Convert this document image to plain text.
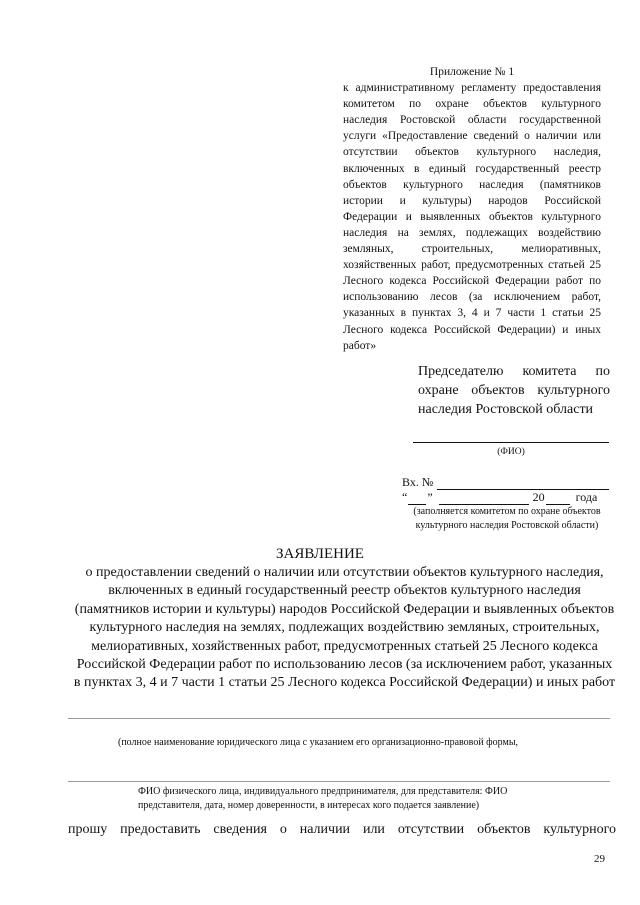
Приложение № 1
к административному регламенту предоставления комитетом по охране объектов культурного наследия Ростовской области государственной услуги «Предоставление сведений о наличии или отсутствии объектов культурного наследия, включенных в единый государственный реестр объектов культурного наследия (памятников истории и культуры) народов Российской Федерации и выявленных объектов культурного наследия на землях, подлежащих воздействию земляных, строительных, мелиоративных, хозяйственных работ, предусмотренных статьей 25 Лесного кодекса Российской Федерации работ по использованию лесов (за исключением работ, указанных в пунктах 3, 4 и 7 части 1 статьи 25 Лесного кодекса Российской Федерации) и иных работ»
Председателю комитета по охране объектов культурного наследия Ростовской области
(ФИО)
Вх. №
“ ”	20	года
(заполняется комитетом по охране объектов культурного наследия Ростовской области)
ЗАЯВЛЕНИЕ
о предоставлении сведений о наличии или отсутствии объектов культурного наследия, включенных в единый государственный реестр объектов культурного наследия (памятников истории и культуры) народов Российской Федерации и выявленных объектов культурного наследия на землях, подлежащих воздействию земляных, строительных, мелиоративных, хозяйственных работ, предусмотренных статьей 25 Лесного кодекса Российской Федерации работ по использованию лесов (за исключением работ, указанных в пунктах 3, 4 и 7 части 1 статьи 25 Лесного кодекса Российской Федерации) и иных работ
(полное наименование юридического лица с указанием его организационно-правовой формы,
ФИО физического лица, индивидуального предпринимателя, для представителя: ФИО
представителя, дата, номер доверенности, в интересах кого подается заявление)
прошу предоставить сведения о наличии или отсутствии объектов культурного
29
